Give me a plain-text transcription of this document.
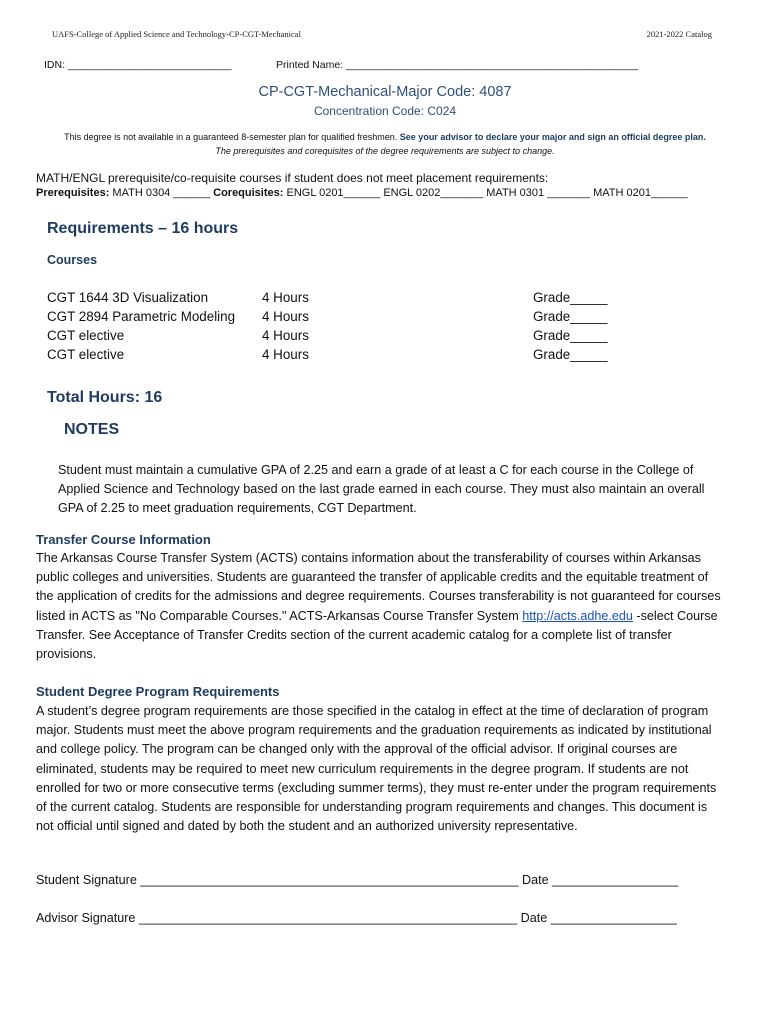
UAFS-College of Applied Science and Technology-CP-CGT-Mechanical	2021-2022 Catalog
IDN: ____________________________	Printed Name: __________________________________________________
CP-CGT-Mechanical-Major Code: 4087
Concentration Code: C024
This degree is not available in a guaranteed 8-semester plan for qualified freshmen. See your advisor to declare your major and sign an official degree plan.
The prerequisites and corequisites of the degree requirements are subject to change.
MATH/ENGL prerequisite/co-requisite courses if student does not meet placement requirements:
Prerequisites: MATH 0304 ______ Corequisites: ENGL 0201______ ENGL 0202_______ MATH 0301 _______ MATH 0201______
Requirements – 16 hours
Courses
CGT 1644 3D Visualization	4 Hours	Grade_____
CGT 2894 Parametric Modeling 4 Hours	Grade_____
CGT elective	4 Hours	Grade_____
CGT elective	4 Hours	Grade_____
Total Hours: 16
NOTES
Student must maintain a cumulative GPA of 2.25 and earn a grade of at least a C for each course in the College of Applied Science and Technology based on the last grade earned in each course. They must also maintain an overall GPA of 2.25 to meet graduation requirements, CGT Department.
Transfer Course Information
The Arkansas Course Transfer System (ACTS) contains information about the transferability of courses within Arkansas public colleges and universities. Students are guaranteed the transfer of applicable credits and the equitable treatment of the application of credits for the admissions and degree requirements. Courses transferability is not guaranteed for courses listed in ACTS as "No Comparable Courses." ACTS-Arkansas Course Transfer System http://acts.adhe.edu -select Course Transfer. See Acceptance of Transfer Credits section of the current academic catalog for a complete list of transfer provisions.
Student Degree Program Requirements
A student’s degree program requirements are those specified in the catalog in effect at the time of declaration of program major. Students must meet the above program requirements and the graduation requirements as indicated by institutional and college policy. The program can be changed only with the approval of the official advisor. If original courses are eliminated, students may be required to meet new curriculum requirements in the degree program. If students are not enrolled for two or more consecutive terms (excluding summer terms), they must re-enter under the program requirements of the current catalog. Students are responsible for understanding program requirements and changes. This document is not official until signed and dated by both the student and an authorized university representative.
Student Signature ______________________________________________________ Date __________________
Advisor Signature ______________________________________________________ Date __________________
